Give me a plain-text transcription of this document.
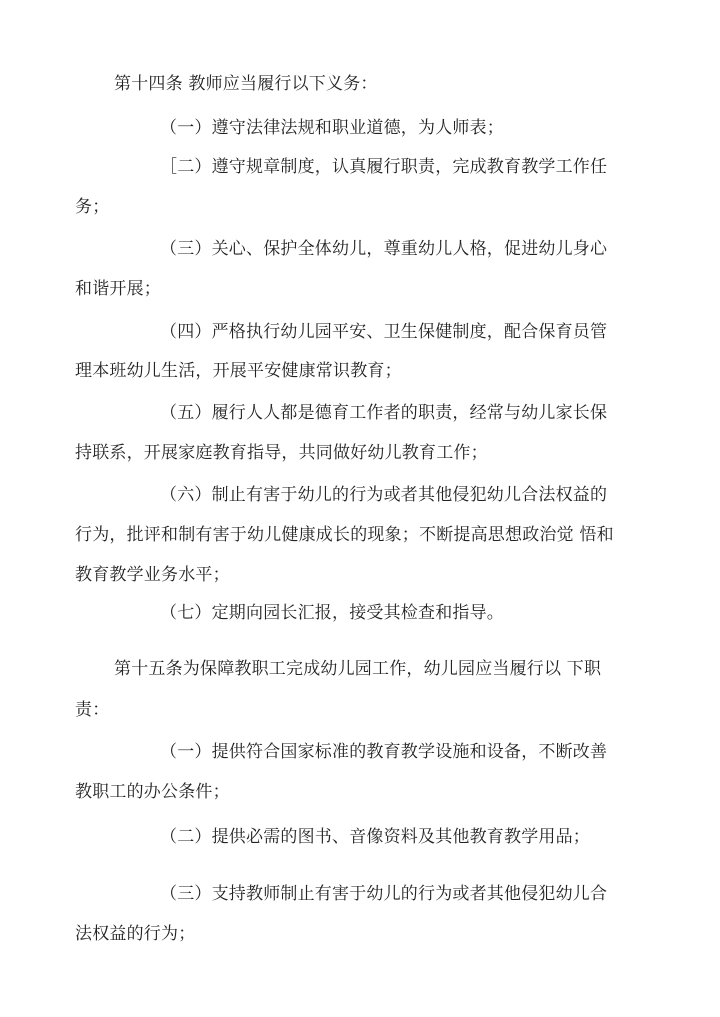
第十四条 教师应当履行以下义务：
（一）遵守法律法规和职业道德，为人师表；
［二）遵守规章制度，认真履行职责，完成教育教学工作任
务；
（三）关心、保护全体幼儿，尊重幼儿人格，促进幼儿身心
和谐开展；
（四）严格执行幼儿园平安、卫生保健制度，配合保育员管
理本班幼儿生活，开展平安健康常识教育；
（五）履行人人都是德育工作者的职责，经常与幼儿家长保
持联系，开展家庭教育指导，共同做好幼儿教育工作；
（六）制止有害于幼儿的行为或者其他侵犯幼儿合法权益的
行为，批评和制有害于幼儿健康成长的现象；不断提高思想政治觉 悟和
教育教学业务水平；
（七）定期向园长汇报，接受其检查和指导。
第十五条为保障教职工完成幼儿园工作，幼儿园应当履行以 下职
责：
（一）提供符合国家标准的教育教学设施和设备，不断改善
教职工的办公条件；
（二）提供必需的图书、音像资料及其他教育教学用品；
（三）支持教师制止有害于幼儿的行为或者其他侵犯幼儿合
法权益的行为；
